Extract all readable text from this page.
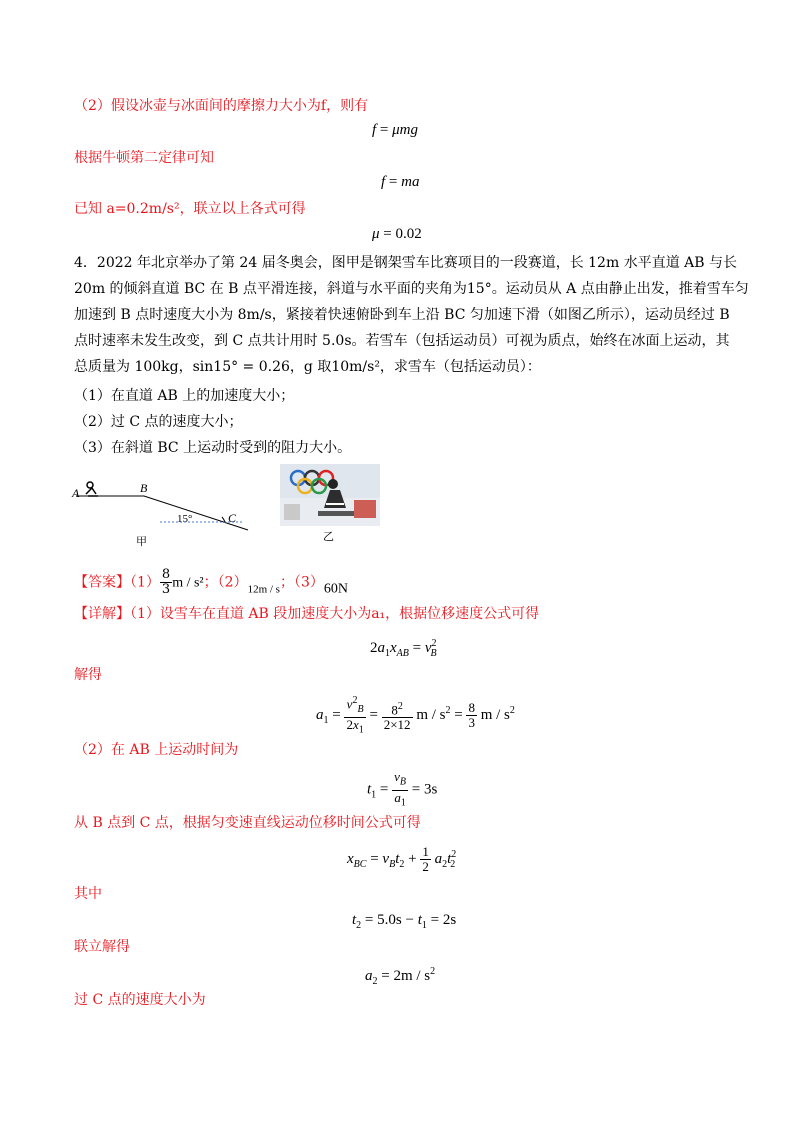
（2）假设冰壶与冰面间的摩擦力大小为f，则有
f = μmg
根据牛顿第二定律可知
f = ma
已知 a=0.2m/s²，联立以上各式可得
μ = 0.02
4．2022 年北京举办了第 24 届冬奥会，图甲是钢架雪车比赛项目的一段赛道，长 12m 水平直道 AB 与长
20m 的倾斜直道 BC 在 B 点平滑连接，斜道与水平面的夹角为15°。运动员从 A 点由静止出发，推着雪车匀
加速到 B 点时速度大小为 8m/s，紧接着快速俯卧到车上沿 BC 匀加速下滑（如图乙所示），运动员经过 B
点时速率未发生改变，到 C 点共计用时 5.0s。若雪车（包括运动员）可视为质点，始终在冰面上运动，其
总质量为 100kg，sin15° = 0.26，g 取10m/s²，求雪车（包括运动员）：
（1）在直道 AB 上的加速度大小；
（2）过 C 点的速度大小；
（3）在斜道 BC 上运动时受到的阻力大小。
A	B
C
15°
甲	乙
【答案】$(1) \frac{8}{3}$ m / s²；$(2)_{12m / s}$；（3）60N
【详解】（1）设雪车在直道 AB 段加速度大小为a₁，根据位移速度公式可得
$2a_1x_{AB} = v^2_B$
解得
$a_1 = \frac{v^2_B}{2x_1} = \frac{8^2}{2\times 12}$ $m / s^2 = \frac{8}{3}$ m / $s^2$
（2）在 AB 上运动时间为
$t_1 = \frac{v_B}{a_1} = 3s$
从 B 点到 C 点，根据匀变速直线运动位移时间公式可得
$x_{BC} = v_Bt_2 + \frac{1}{2} a_2t^2_2$
其中
$t_2 = 5.0s - t_1 = 2s$
联立解得
$a_2 = 2m / s^2$
过 C 点的速度大小为
